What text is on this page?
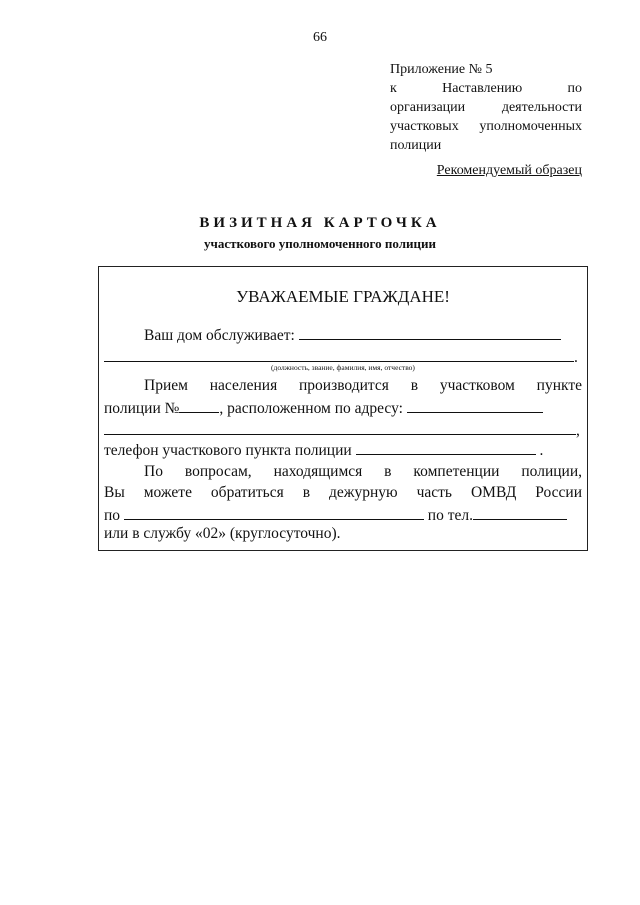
66
Приложение № 5
к	Наставлению	по
организации деятельности
участковых уполномоченных
полиции
Рекомендуемый образец
ВИЗИТНАЯ КАРТОЧКА
участкового уполномоченного полиции
УВАЖАЕМЫЕ ГРАЖДАНЕ!
Ваш дом обслуживает:
.
(должность, звание, фамилия, имя, отчество)
Прием населения производится в участковом пункте
полиции №	, расположенном по адресу:
,
телефон участкового пункта полиции	.
По вопросам, находящимся в компетенции полиции,
Вы можете обратиться в дежурную часть ОМВД России
по	по тел.
или в службу «02» (круглосуточно).
